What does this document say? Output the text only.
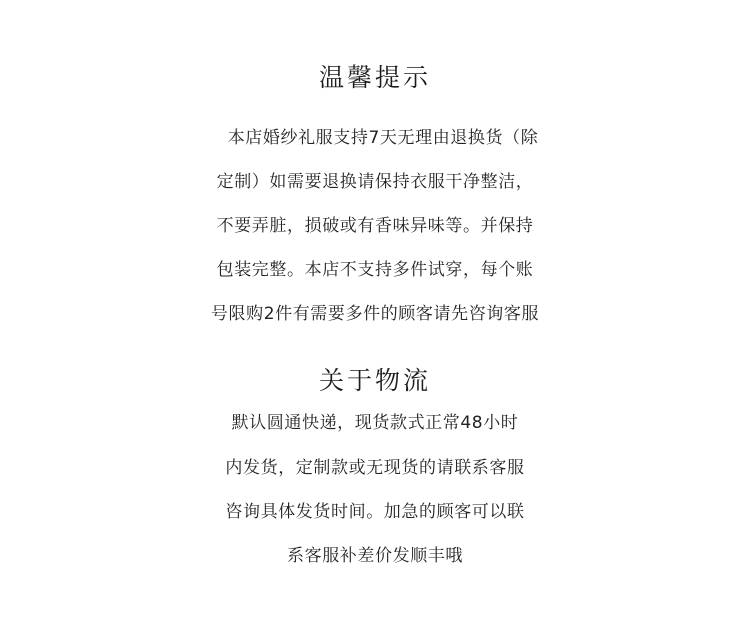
温馨提示
本店婚纱礼服支持7天无理由退换货（除
定制）如需要退换请保持衣服干净整洁，
不要弄脏，损破或有香味异味等。并保持
包装完整。本店不支持多件试穿，每个账
号限购2件有需要多件的顾客请先咨询客服
关于物流
默认圆通快递，现货款式正常48小时
内发货，定制款或无现货的请联系客服
咨询具体发货时间。加急的顾客可以联
系客服补差价发顺丰哦
